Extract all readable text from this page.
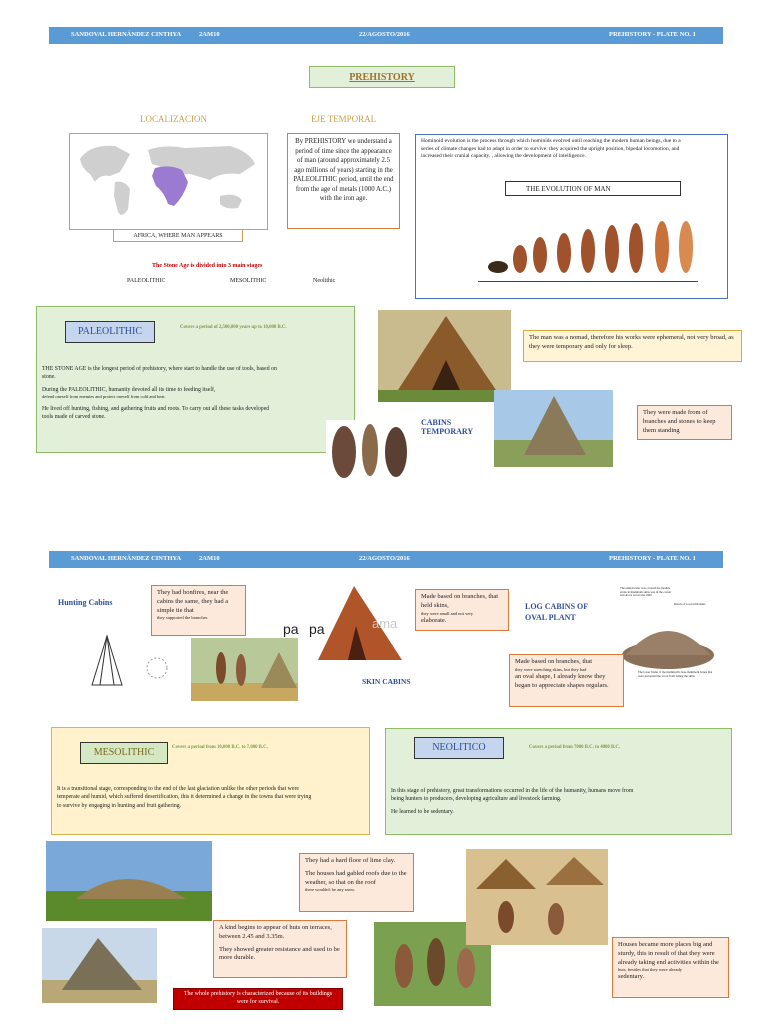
SANDOVAL HERNÁNDEZ CINTHYA	2AM10	22/AGOSTO/2016	PREHISTORY - PLATE NO. 1
PREHISTORY
LOCALIZACION	EJE TEMPORAL
AFRICA, WHERE MAN APPEARS
By PREHISTORY we understand a period of time since the appearance of man (around approximately 2.5 ago millions of years) starting in the PALEOLITHIC period, until the end from the age of metals (1000 A.C.) with the iron age.
Hominoid evolution is the process through which hominids evolved until reaching the modern human beings, due to a series of climate changes had to adapt in order to survive: they acquired the upright position, bipedal locomotion, and increased their cranial capacity. , allowing the development of intelligence.
THE EVOLUTION OF MAN
The Stone Age is divided into 3 main stages
PALEOLITHIC	MESOLITHIC	Neolithic
PALEOLITHIC	Covers a period of 2,500,000 years up to 10,000 B.C.

THE STONE AGE is the longest period of prehistory, where start to handle the use of tools, based on stone.

During the PALEOLITHIC, humanity devoted all its time to feeding itself,

defend oneself from enemies and protect oneself from cold and heat.

He lived off hunting, fishing, and gathering fruits and roots. To carry out all these tasks developed tools made of carved stone.

CABINS TEMPORARY
The man was a nomad, therefore his works were ephemeral, not very broad, as they were temporary and only for sleep.
They were made from of branches and stones to keep them standing
SANDOVAL HERNÁNDEZ CINTHYA	2AM10	22/AGOSTO/2016	PREHISTORY - PLATE NO. 1
Hunting Cabins
They had bonfires, near the cabins the same, they had a simple tie that
they supported the branches
pa pa	ama
SKIN CABINS
Made based on branches, that held skins,
they were small and not very
elaborate.
LOG CABINS OF OVAL PLANT
The semicircular was covered the flexible sticks in mammoth skins was in the corner and above across the 1960
Ranch of wood with skins
The lower frame of the mammoth's base mammoth bones that were prevented the wood from falling the skins
Made based on branches, that
they were stretching skins, but they had
an oval shape, I already know they began to appreciate shapes regulars.
MESOLITHIC	Covers a period from 10,000 B.C. to 7,000 B.C.
It is a transitional stage, corresponding to the end of the last glaciation unlike the other periods that were temperate and humid, which suffered desertification, this it determined a change in the towns that were trying to survive by engaging in hunting and fruit gathering.
NEOLITICO	Covers a period from 7000 B.C. to 4000 B.C.

In this stage of prehistory, great transformations occurred in the life of the humanity, humans move from being hunters to producers, developing agriculture and livestock farming.

He learned to be sedentary.

They had a hard floor of lime clay.

The houses had gabled roofs due to the weather, so that on the roof
there wouldn't be any snow.

A kind begins to appear of huts on terraces, between 2.45 and 3.35m.

They showed greater resistance and used to be more durable.

Houses became more places big and sturdy, this in result of that they were already taking end activities within the
huts, besides that they were already
sedentary.
The whole prehistory is characterized because of its buildings were for survival.
